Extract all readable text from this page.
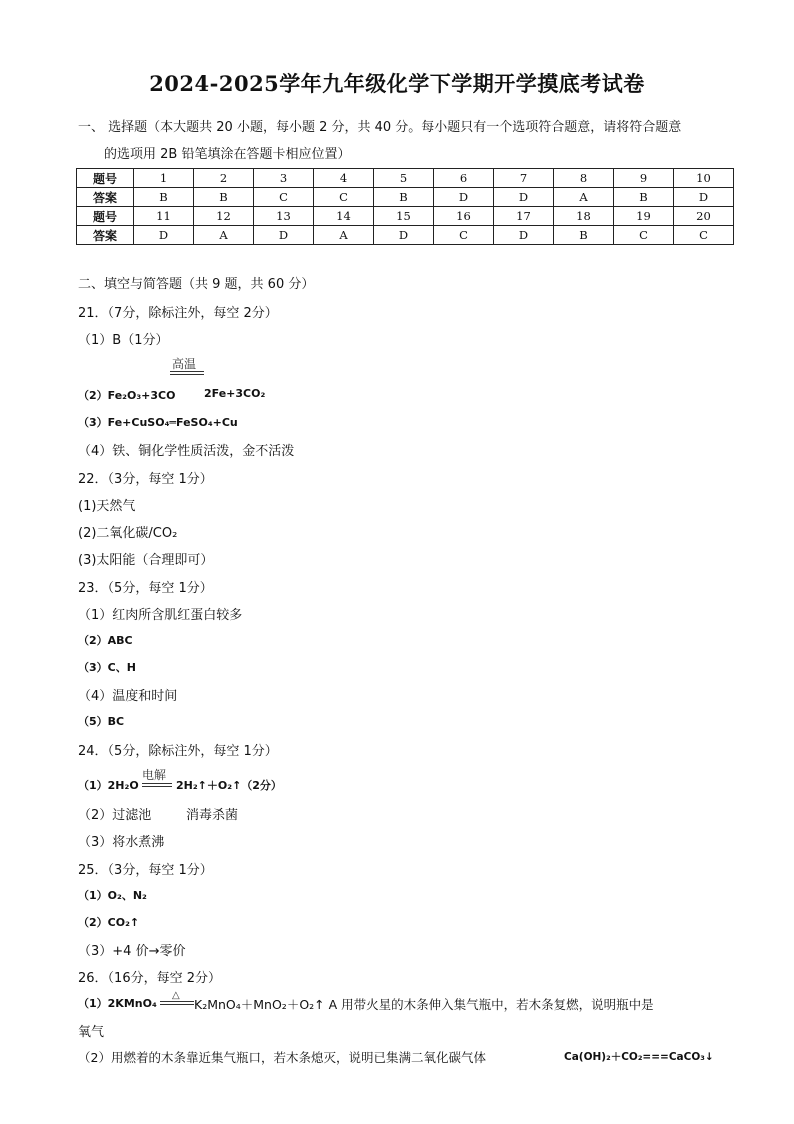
2024-2025学年九年级化学下学期开学摸底考试卷
一、 选择题（本大题共 20 小题，每小题 2 分，共 40 分。每小题只有一个选项符合题意，请将符合题意
的选项用 2B 铅笔填涂在答题卡相应位置）
题号	1	2	3	4	5	6	7	8	9	10
答案	B	B	C	C	B	D	D	A	B	D
题号	11	12	13	14	15	16	17	18	19	20
答案	D	A	D	A	D	C	D	B	C	C
二、填空与简答题（共 9 题，共 60 分）
21．（7分，除标注外，每空 2分）
（1）B（1分）
高温
（2）Fe₂O₃+3CO	2Fe+3CO₂
（3）Fe+CuSO₄═FeSO₄+Cu
（4）铁、铜化学性质活泼，金不活泼
22．（3分，每空 1分）
(1)天然气
(2)二氧化碳/CO₂
(3)太阳能（合理即可）
23．（5分，每空 1分）
（1）红肉所含肌红蛋白较多
（2）ABC
（3）C、H
（4）温度和时间
（5）BC
24．（5分，除标注外，每空 1分）
电解
（1）2H₂O	2H₂↑＋O₂↑（2分）
（2）过滤池	消毒杀菌
（3）将水煮沸
25．（3分，每空 1分）
（1）O₂、N₂
（2）CO₂↑
（3）+4 价→零价
26．（16分，每空 2分）
△
（1）2KMnO₄	K₂MnO₄＋MnO₂＋O₂↑ A 用带火星的木条伸入集气瓶中，若木条复燃，说明瓶中是
氧气
（2）用燃着的木条靠近集气瓶口，若木条熄灭，说明已集满二氧化碳气体	Ca(OH)₂＋CO₂===CaCO₃↓
